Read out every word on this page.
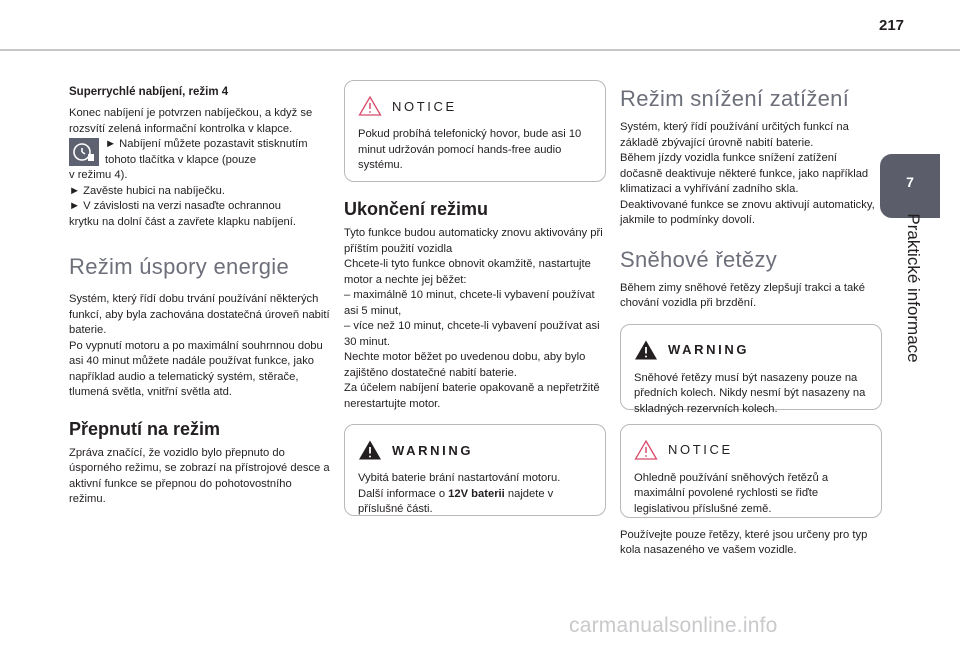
217
7
Praktické informace
Superrychlé nabíjení, režim 4

Konec nabíjení je potvrzen nabíječkou, a když se rozsvítí zelená informační kontrolka v klapce.

► Nabíjení můžete pozastavit stisknutím

tohoto tlačítka v klapce (pouze

v režimu 4).

► Zavěste hubici na nabíječku.

► V závislosti na verzi nasaďte ochrannou

krytku na dolní část a zavřete klapku nabíjení.

Režim úspory energie

Systém, který řídí dobu trvání používání některých funkcí, aby byla zachována dostatečná úroveň nabití baterie.

Po vypnutí motoru a po maximální souhrnnou dobu asi 40 minut můžete nadále používat funkce, jako například audio a telematický systém, stěrače, tlumená světla, vnitřní světla atd.

Přepnutí na režim

Zpráva značící, že vozidlo bylo přepnuto do úsporného režimu, se zobrazí na přístrojové desce a aktivní funkce se přepnou do pohotovostního režimu.

NOTICE

Pokud probíhá telefonický hovor, bude asi 10 minut udržován pomocí hands-free audio systému.

Ukončení režimu

Tyto funkce budou automaticky znovu aktivovány při příštím použití vozidla

Chcete-li tyto funkce obnovit okamžitě, nastartujte motor a nechte jej běžet:

– maximálně 10 minut, chcete-li vybavení používat asi 5 minut,

– více než 10 minut, chcete-li vybavení používat asi 30 minut.

Nechte motor běžet po uvedenou dobu, aby bylo zajištěno dostatečné nabití baterie.

Za účelem nabíjení baterie opakovaně a nepřetržitě nerestartujte motor.

WARNING

Vybitá baterie brání nastartování motoru.

Další informace o 12V baterii najdete v příslušné části.

Režim snížení zatížení

Systém, který řídí používání určitých funkcí na základě zbývající úrovně nabití baterie.

Během jízdy vozidla funkce snížení zatížení dočasně deaktivuje některé funkce, jako například klimatizaci a vyhřívání zadního skla.

Deaktivované funkce se znovu aktivují automaticky, jakmile to podmínky dovolí.

Sněhové řetězy

Během zimy sněhové řetězy zlepšují trakci a také chování vozidla při brzdění.

WARNING

Sněhové řetězy musí být nasazeny pouze na předních kolech. Nikdy nesmí být nasazeny na skladných rezervních kolech.

NOTICE

Ohledně používání sněhových řetězů a maximální povolené rychlosti se řiďte legislativou příslušné země.

Používejte pouze řetězy, které jsou určeny pro typ kola nasazeného ve vašem vozidle.

carmanualsonline.info
